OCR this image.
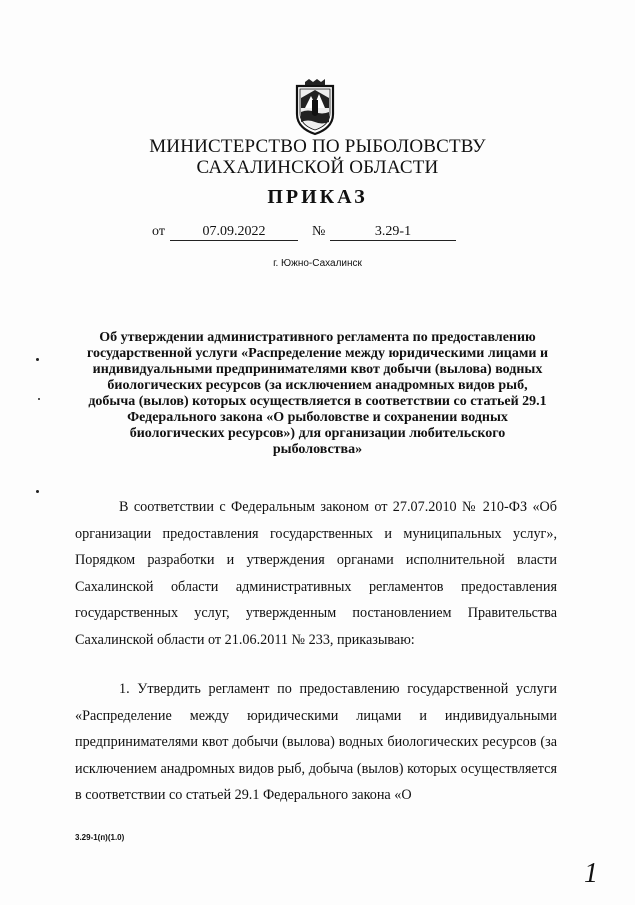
МИНИСТЕРСТВО ПО РЫБОЛОВСТВУ
САХАЛИНСКОЙ ОБЛАСТИ
ПРИКАЗ
от	07.09.2022	№	3.29-1
г. Южно-Сахалинск
Об утверждении административного регламента по предоставлению
государственной услуги «Распределение между юридическими лицами и
индивидуальными предпринимателями квот добычи (вылова) водных
биологических ресурсов (за исключением анадромных видов рыб,
добыча (вылов) которых осуществляется в соответствии со статьей 29.1
Федерального закона «О рыболовстве и сохранении водных
биологических ресурсов») для организации любительского
рыболовства»
В соответствии с Федеральным законом от 27.07.2010 № 210-ФЗ «Об организации предоставления государственных и муниципальных услуг», Порядком разработки и утверждения органами исполнительной власти Сахалинской области административных регламентов предоставления государственных услуг, утвержденным постановлением Правительства Сахалинской области от 21.06.2011 № 233, приказываю:
1. Утвердить регламент по предоставлению государственной услуги «Распределение между юридическими лицами и индивидуальными предпринимателями квот добычи (вылова) водных биологических ресурсов (за исключением анадромных видов рыб, добыча (вылов) которых осуществляется в соответствии со статьей 29.1 Федерального закона «О
3.29-1(п)(1.0)
1
